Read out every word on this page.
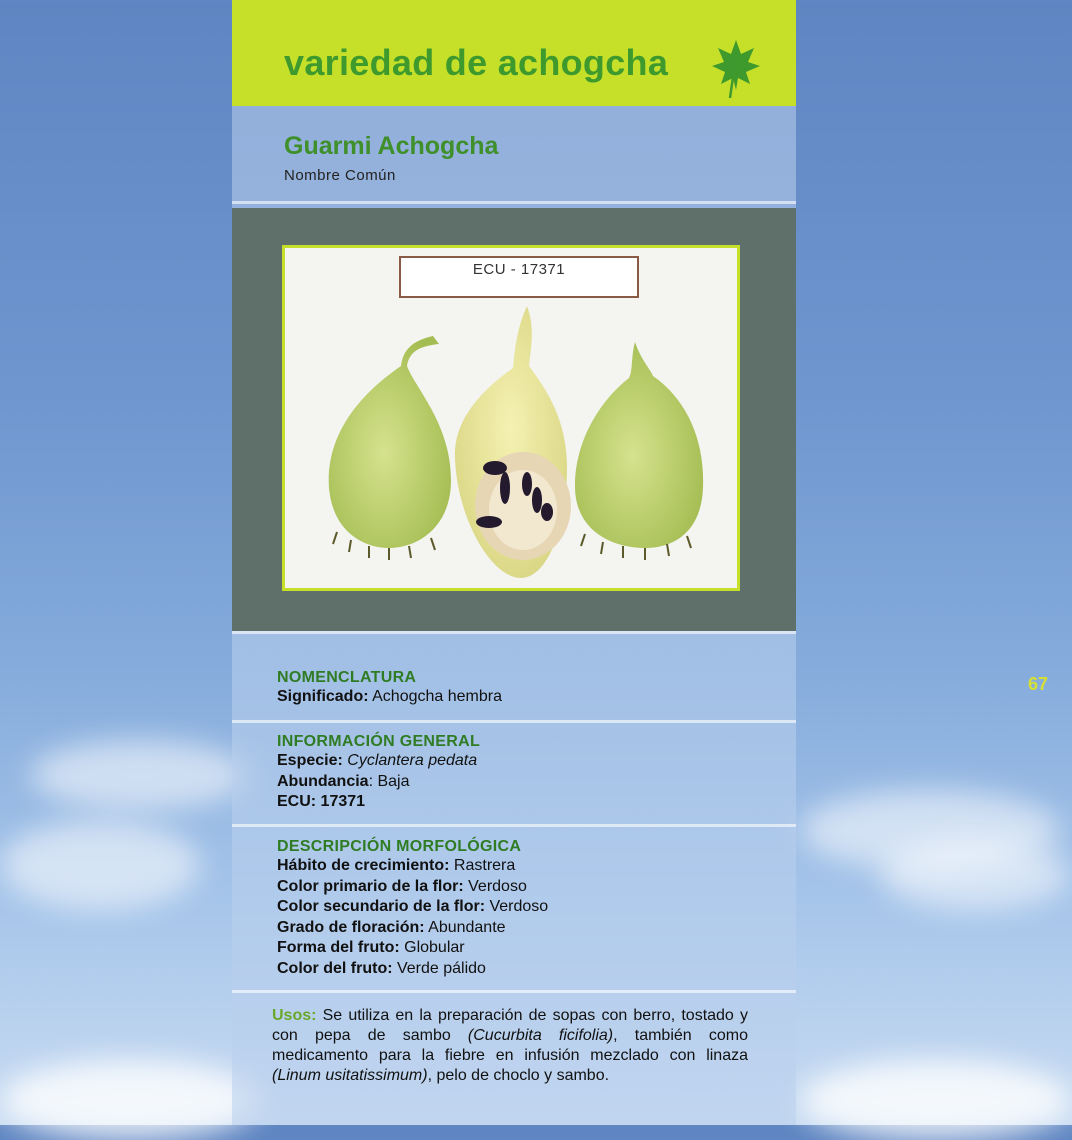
variedad de achogcha
Guarmi Achogcha
Nombre Común
ECU - 17371
NOMENCLATURA
Significado: Achogcha hembra
INFORMACIÓN GENERAL
Especie: Cyclantera pedata
Abundancia: Baja
ECU: 17371
DESCRIPCIÓN MORFOLÓGICA
Hábito de crecimiento: Rastrera
Color primario de la flor: Verdoso
Color secundario de la flor: Verdoso
Grado de floración: Abundante
Forma del fruto: Globular
Color del fruto: Verde pálido
Usos: Se utiliza en la preparación de sopas con berro, tostado y con pepa de sambo (Cucurbita ficifolia), también como medicamento para la fiebre en infusión mezclado con linaza (Linum usitatissimum), pelo de choclo y sambo.
67
